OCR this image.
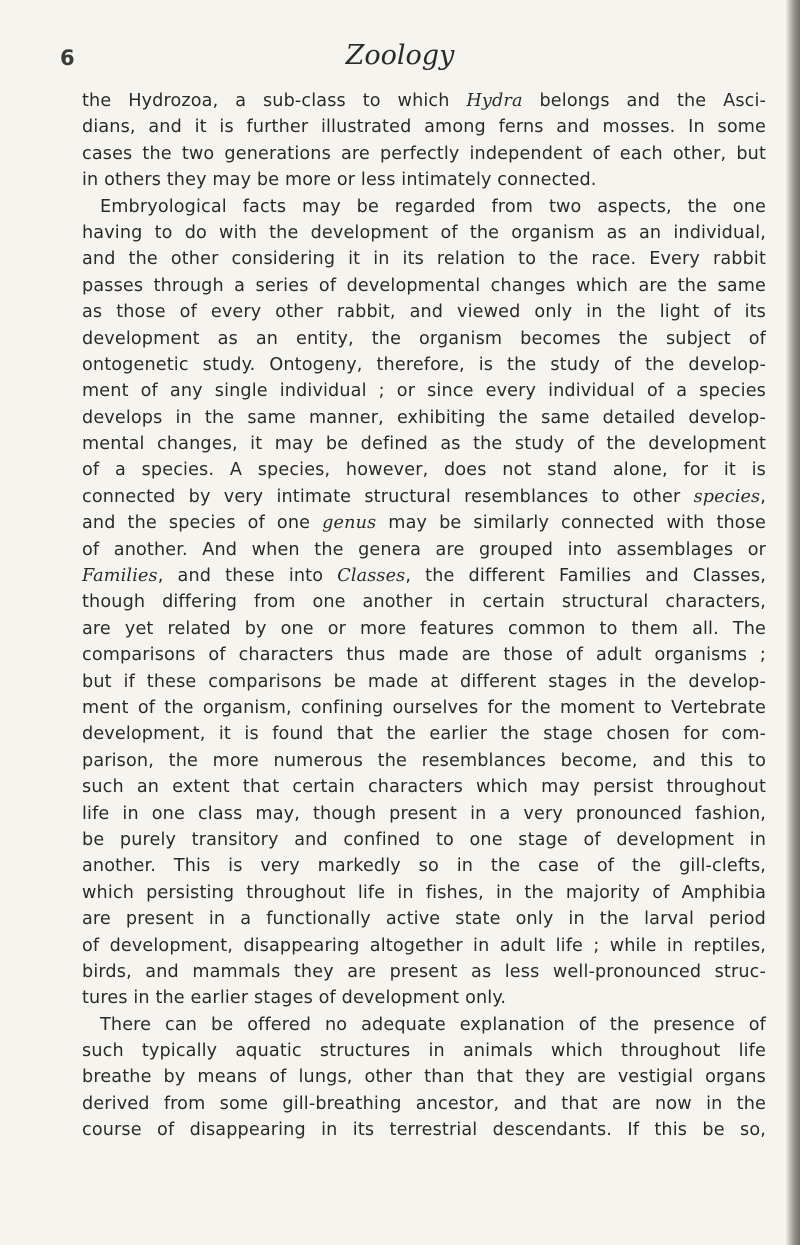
6	Zoology
the Hydrozoa, a sub-class to which Hydra belongs and the Asci-
dians, and it is further illustrated among ferns and mosses. In some
cases the two generations are perfectly independent of each other, but
in others they may be more or less intimately connected.
Embryological facts may be regarded from two aspects, the one
having to do with the development of the organism as an individual,
and the other considering it in its relation to the race. Every rabbit
passes through a series of developmental changes which are the same
as those of every other rabbit, and viewed only in the light of its
development as an entity, the organism becomes the subject of
ontogenetic study. Ontogeny, therefore, is the study of the develop-
ment of any single individual ; or since every individual of a species
develops in the same manner, exhibiting the same detailed develop-
mental changes, it may be defined as the study of the development
of a species. A species, however, does not stand alone, for it is
connected by very intimate structural resemblances to other species,
and the species of one genus may be similarly connected with those
of another. And when the genera are grouped into assemblages or
Families, and these into Classes, the different Families and Classes,
though differing from one another in certain structural characters,
are yet related by one or more features common to them all. The
comparisons of characters thus made are those of adult organisms ;
but if these comparisons be made at different stages in the develop-
ment of the organism, confining ourselves for the moment to Vertebrate
development, it is found that the earlier the stage chosen for com-
parison, the more numerous the resemblances become, and this to
such an extent that certain characters which may persist throughout
life in one class may, though present in a very pronounced fashion,
be purely transitory and confined to one stage of development in
another. This is very markedly so in the case of the gill-clefts,
which persisting throughout life in fishes, in the majority of Amphibia
are present in a functionally active state only in the larval period
of development, disappearing altogether in adult life ; while in reptiles,
birds, and mammals they are present as less well-pronounced struc-
tures in the earlier stages of development only.
There can be offered no adequate explanation of the presence of
such typically aquatic structures in animals which throughout life
breathe by means of lungs, other than that they are vestigial organs
derived from some gill-breathing ancestor, and that are now in the
course of disappearing in its terrestrial descendants. If this be so,
